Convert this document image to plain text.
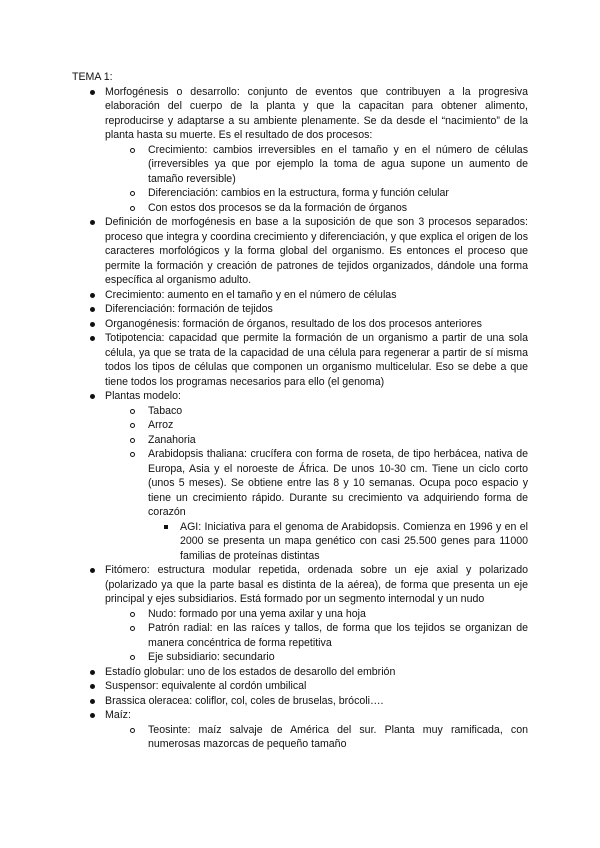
TEMA 1:
Morfogénesis o desarrollo: conjunto de eventos que contribuyen a la progresiva elaboración del cuerpo de la planta y que la capacitan para obtener alimento, reproducirse y adaptarse a su ambiente plenamente. Se da desde el “nacimiento” de la planta hasta su muerte. Es el resultado de dos procesos:
Crecimiento: cambios irreversibles en el tamaño y en el número de células (irreversibles ya que por ejemplo la toma de agua supone un aumento de tamaño reversible)
Diferenciación: cambios en la estructura, forma y función celular
Con estos dos procesos se da la formación de órganos
Definición de morfogénesis en base a la suposición de que son 3 procesos separados: proceso que integra y coordina crecimiento y diferenciación, y que explica el origen de los caracteres morfológicos y la forma global del organismo. Es entonces el proceso que permite la formación y creación de patrones de tejidos organizados, dándole una forma específica al organismo adulto.
Crecimiento: aumento en el tamaño y en el número de células
Diferenciación: formación de tejidos
Organogénesis: formación de órganos, resultado de los dos procesos anteriores
Totipotencia: capacidad que permite la formación de un organismo a partir de una sola célula, ya que se trata de la capacidad de una célula para regenerar a partir de sí misma todos los tipos de células que componen un organismo multicelular. Eso se debe a que tiene todos los programas necesarios para ello (el genoma)
Plantas modelo:
Tabaco
Arroz
Zanahoria
Arabidopsis thaliana: crucífera con forma de roseta, de tipo herbácea, nativa de Europa, Asia y el noroeste de África. De unos 10-30 cm. Tiene un ciclo corto (unos 5 meses). Se obtiene entre las 8 y 10 semanas. Ocupa poco espacio y tiene un crecimiento rápido. Durante su crecimiento va adquiriendo forma de corazón
AGI: Iniciativa para el genoma de Arabidopsis. Comienza en 1996 y en el 2000 se presenta un mapa genético con casi 25.500 genes para 11000 familias de proteínas distintas
Fitómero: estructura modular repetida, ordenada sobre un eje axial y polarizado (polarizado ya que la parte basal es distinta de la aérea), de forma que presenta un eje principal y ejes subsidiarios. Está formado por un segmento internodal y un nudo
Nudo: formado por una yema axilar y una hoja
Patrón radial: en las raíces y tallos, de forma que los tejidos se organizan de manera concéntrica de forma repetitiva
Eje subsidiario: secundario
Estadío globular: uno de los estados de desarollo del embrión
Suspensor: equivalente al cordón umbilical
Brassica oleracea: coliflor, col, coles de bruselas, brócoli….
Maíz:
Teosinte: maíz salvaje de América del sur. Planta muy ramificada, con numerosas mazorcas de pequeño tamaño
